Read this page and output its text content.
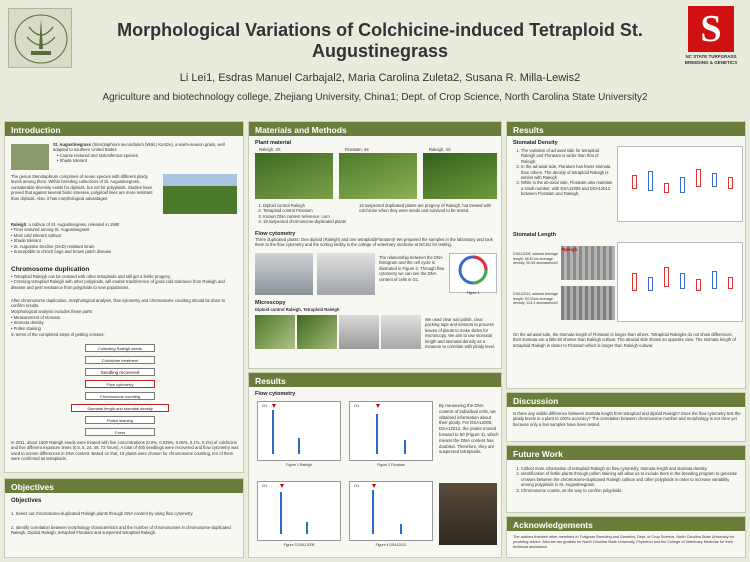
Morphological Variations of Colchicine-induced Tetraploid St.
Augustinegrass
Li Lei1, Esdras Manuel Carbajal2, Maria Carolina Zuleta2, Susana R. Milla-Lewis2
Agriculture and biotechnology college, Zhejiang University, China1; Dept. of Crop Science, North Carolina State University2
S
NC STATE TURFGRASS BREEDING & GENETICS
Introduction
St. Augustinegrass (Stenotaphrum secundatum (Walt.) Kuntze), a warm-season grass, well adapted to southern United States
• Coarse textured and stoloniferous species
• Shade tolerant
The genus Stenotaphrum comprises of seven species with different ploidy levels among them. Within breeding collections of St. Augustinegrass, considerable diversity exists for diploids, but not for polyploids. Studies have proved that against several biotic stresses, polyploid lines are more resistant than diploids. Also, it has morphological advantages.
Raleigh: a cultivar of St. Augustinegrass, released in 1980
• Finer textured among St. Augustinegrass
• Most cold tolerant cultivar
• Shade tolerant
• St. Augustine Decline (SAD) resistant strain
• Susceptible to chinch bugs and brown patch disease
Chromosome duplication
• Tetraploid Raleigh can be crossed with other tetraploids and still get a fertile progeny.
• Crossing tetraploid Raleigh with other polyploids, will enable transference of good cold tolerance from Raleigh and disease and pest resistance from polyploids to new populations.
After chromosome duplication, morphological analysis, flow cytometry and chromosome counting should be done to confirm results.
Morphological analysis includes these parts:
• Measurement of stomata
• Stomata density
• Pollen staining
In terms of the completed steps of getting crosses:
Collecting Raleigh seeds
Colchicine treatment
Seedling recovered
Flow cytometry
Chromosome counting
Stomatal length and stomatal density
Pollen staining
Cross
In 2011, about 1500 Raleigh seeds were treated with five concentrations (0.0%, 0.025%, 0.05%, 0.1%, 0.2%) of colchicine and five different exposure times (0.5, 5, 24, 48, 72 hours). A total of 400 seedlings were recovered and flow cytometry was used to screen differences in DNA content. Based on that, 19 plants were chosen for chromosome counting, ten of them were confirmed as tetraploids.
Objectives
Objectives
1. Select out chromosome-duplicated Raleigh plants through DNA content by using flow cytometry.
2. Identify correlation between morphology characteristics and the number of chromosomes in chromosome-duplicated Raleigh, Diploid Raleigh, tetraploid Floratam and suspected tetraploid Raleigh.
Materials and Methods
Plant material
Raleigh, 2X	Floratam, 4X	Raleigh, 4X
1. Diploid control Raleigh
2. Tetraploid control Floratam
3. Known DNA content reference: corn
4. 19 suspected chromosome-duplicated plants
19 suspected duplicated plants are progeny of Raleigh, but treated with colchicine when they were seeds and survived to be tested.
Flow cytometry
Three duplicated plants: One diploid (Raleigh) and one tetraploid(Floratam)! We prepared the samples in the laboratory and took them to the flow cytometry and the sorting facility in the college of veterinary medicine at NCSU for testing.
The relationship between the DNA histogram and the cell cycle is illustrated in Figure 2. Through flow cytometry we can see the DNA content of cells in G1.
Figure 1
Microscopy
Diploid control Raleigh, Tetraploid Raleigh
We used clear nail polish, clear packing tape and scissors to process leaves of plants to make slides for microscopy. We aim to use stomatal length and stomatal density as a measure to correlate with ploidy level.
Results
Flow cytometry
G1
Figure 1 Raleigh
G1
Figure 2 Floratam
G1
Figure 3 DSA12005
G1
Figure 4 DSA12012
By measuring the DNA content of individual cells, we obtained information about their ploidy. For DSA12005, DSA12012, the peaks moved forward to 50 (Figure 3), which means the DNA content has doubled. Therefore, they are suspected tetraploids.
Results
Stomatal Density
1. The variation of ad-axial side for tetraploid Raleigh and Floratam is wider than that of Raleigh.
2. In the ad-axial side, Floratam has fewer stomata than others. The density of tetraploid Raleigh is similar with Raleigh.
3. While in the ab-axial side, Floratam also maintain a small number, with DSA12005 and DSA12012 between Floratam and Raleigh.
Stomatal Length
DSA12005, adaxial Average length: 58.67um Average density: 90.65 stomata/mm2
Raleigh
DSA12012, adaxial Average length: 54.33um Average density: 124.4 stomata/mm2
On the ad-axial side, the stomata length of Floratam is longer than others. Tetraploid Raleighs do not show differences, their stomata are a little bit shorter than Raleigh cultivar. The abaxial side shows an opposite view. The stomata length of tetraploid Raleigh is closer to Floratam which is longer than Raleigh cultivar.
Discussion
Is there any visible difference between stomata length from tetraploid and diploid Raleigh? Does the flow cytometry test the ploidy levels in a plant to 100% accuracy? The correlation between chromosome number and morphology is not clear yet because only a few samples have been tested.
Future Work
1. Collect more information of tetraploid Raleigh on flow cytometry, stomata length and stomata density.
2. Identification of fertile plants through pollen staining will allow us to include them in the breeding program to generate crosses between the chromosome-duplicated Raleigh cultivar and other polyploids in order to increase variability among polyploids in St. Augustinegrass.
3. Chromosome counts, as the way to confirm polyploids.
Acknowledgements
The authors thanked other members in Turfgrass Breeding and Genetics, Dept. of Crop Science, North Carolina State University for providing advice. Also we are grateful for North Carolina State University, Phytotron and the College of Veterinary Medicine for their technical assistance.
